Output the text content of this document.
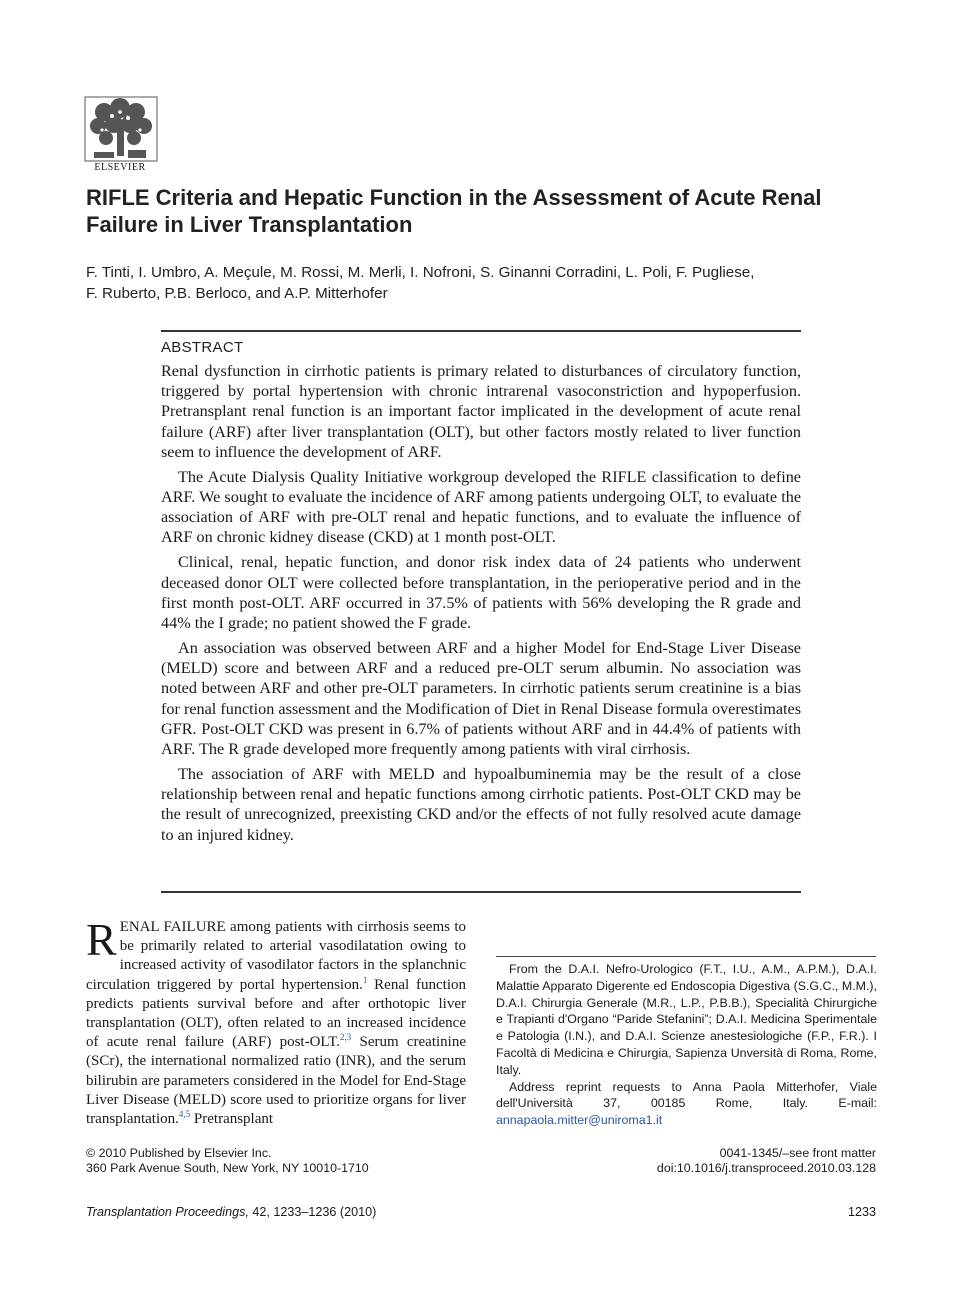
ELSEVIER
RIFLE Criteria and Hepatic Function in the Assessment of Acute Renal Failure in Liver Transplantation
F. Tinti, I. Umbro, A. Meçule, M. Rossi, M. Merli, I. Nofroni, S. Ginanni Corradini, L. Poli, F. Pugliese,
F. Ruberto, P.B. Berloco, and A.P. Mitterhofer
ABSTRACT

Renal dysfunction in cirrhotic patients is primary related to disturbances of circulatory function, triggered by portal hypertension with chronic intrarenal vasoconstriction and hypoperfusion. Pretransplant renal function is an important factor implicated in the development of acute renal failure (ARF) after liver transplantation (OLT), but other factors mostly related to liver function seem to influence the development of ARF.

The Acute Dialysis Quality Initiative workgroup developed the RIFLE classification to define ARF. We sought to evaluate the incidence of ARF among patients undergoing OLT, to evaluate the association of ARF with pre-OLT renal and hepatic functions, and to evaluate the influence of ARF on chronic kidney disease (CKD) at 1 month post-OLT.

Clinical, renal, hepatic function, and donor risk index data of 24 patients who underwent deceased donor OLT were collected before transplantation, in the perioperative period and in the first month post-OLT. ARF occurred in 37.5% of patients with 56% developing the R grade and 44% the I grade; no patient showed the F grade.

An association was observed between ARF and a higher Model for End-Stage Liver Disease (MELD) score and between ARF and a reduced pre-OLT serum albumin. No association was noted between ARF and other pre-OLT parameters. In cirrhotic patients serum creatinine is a bias for renal function assessment and the Modification of Diet in Renal Disease formula overestimates GFR. Post-OLT CKD was present in 6.7% of patients without ARF and in 44.4% of patients with ARF. The R grade developed more frequently among patients with viral cirrhosis.

The association of ARF with MELD and hypoalbuminemia may be the result of a close relationship between renal and hepatic functions among cirrhotic patients. Post-OLT CKD may be the result of unrecognized, preexisting CKD and/or the effects of not fully resolved acute damage to an injured kidney.

RENAL FAILURE among patients with cirrhosis seems to be primarily related to arterial vasodilatation owing to increased activity of vasodilator factors in the splanchnic circulation triggered by portal hypertension.$^1$ Renal function predicts patients survival before and after orthotopic liver transplantation (OLT), often related to an increased incidence of acute renal failure (ARF) post-OLT.$^{2,3}$ Serum creatinine (SCr), the international normalized ratio (INR), and the serum bilirubin are parameters considered in the Model for End-Stage Liver Disease (MELD) score used to prioritize organs for liver transplantation.$^{4,5}$ Pretransplant

From the D.A.I. Nefro-Urologico (F.T., I.U., A.M., A.P.M.), D.A.I. Malattie Apparato Digerente ed Endoscopia Digestiva (S.G.C., M.M.), D.A.I. Chirurgia Generale (M.R., L.P., P.B.B.), Specialità Chirurgiche e Trapianti d'Organo “Paride Stefanini”; D.A.I. Medicina Sperimentale e Patologia (I.N.), and D.A.I. Scienze anestesiologiche (F.P., F.R.). I Facoltà di Medicina e Chirurgia, Sapienza Unversità di Roma, Rome, Italy.

Address reprint requests to Anna Paola Mitterhofer, Viale dell'Università 37, 00185 Rome, Italy. E-mail: annapaola.mitter@uniroma1.it

© 2010 Published by Elsevier Inc.
360 Park Avenue South, New York, NY 10010-1710
0041-1345/–see front matter
doi:10.1016/j.transproceed.2010.03.128
Transplantation Proceedings, 42, 1233–1236 (2010)	1233
